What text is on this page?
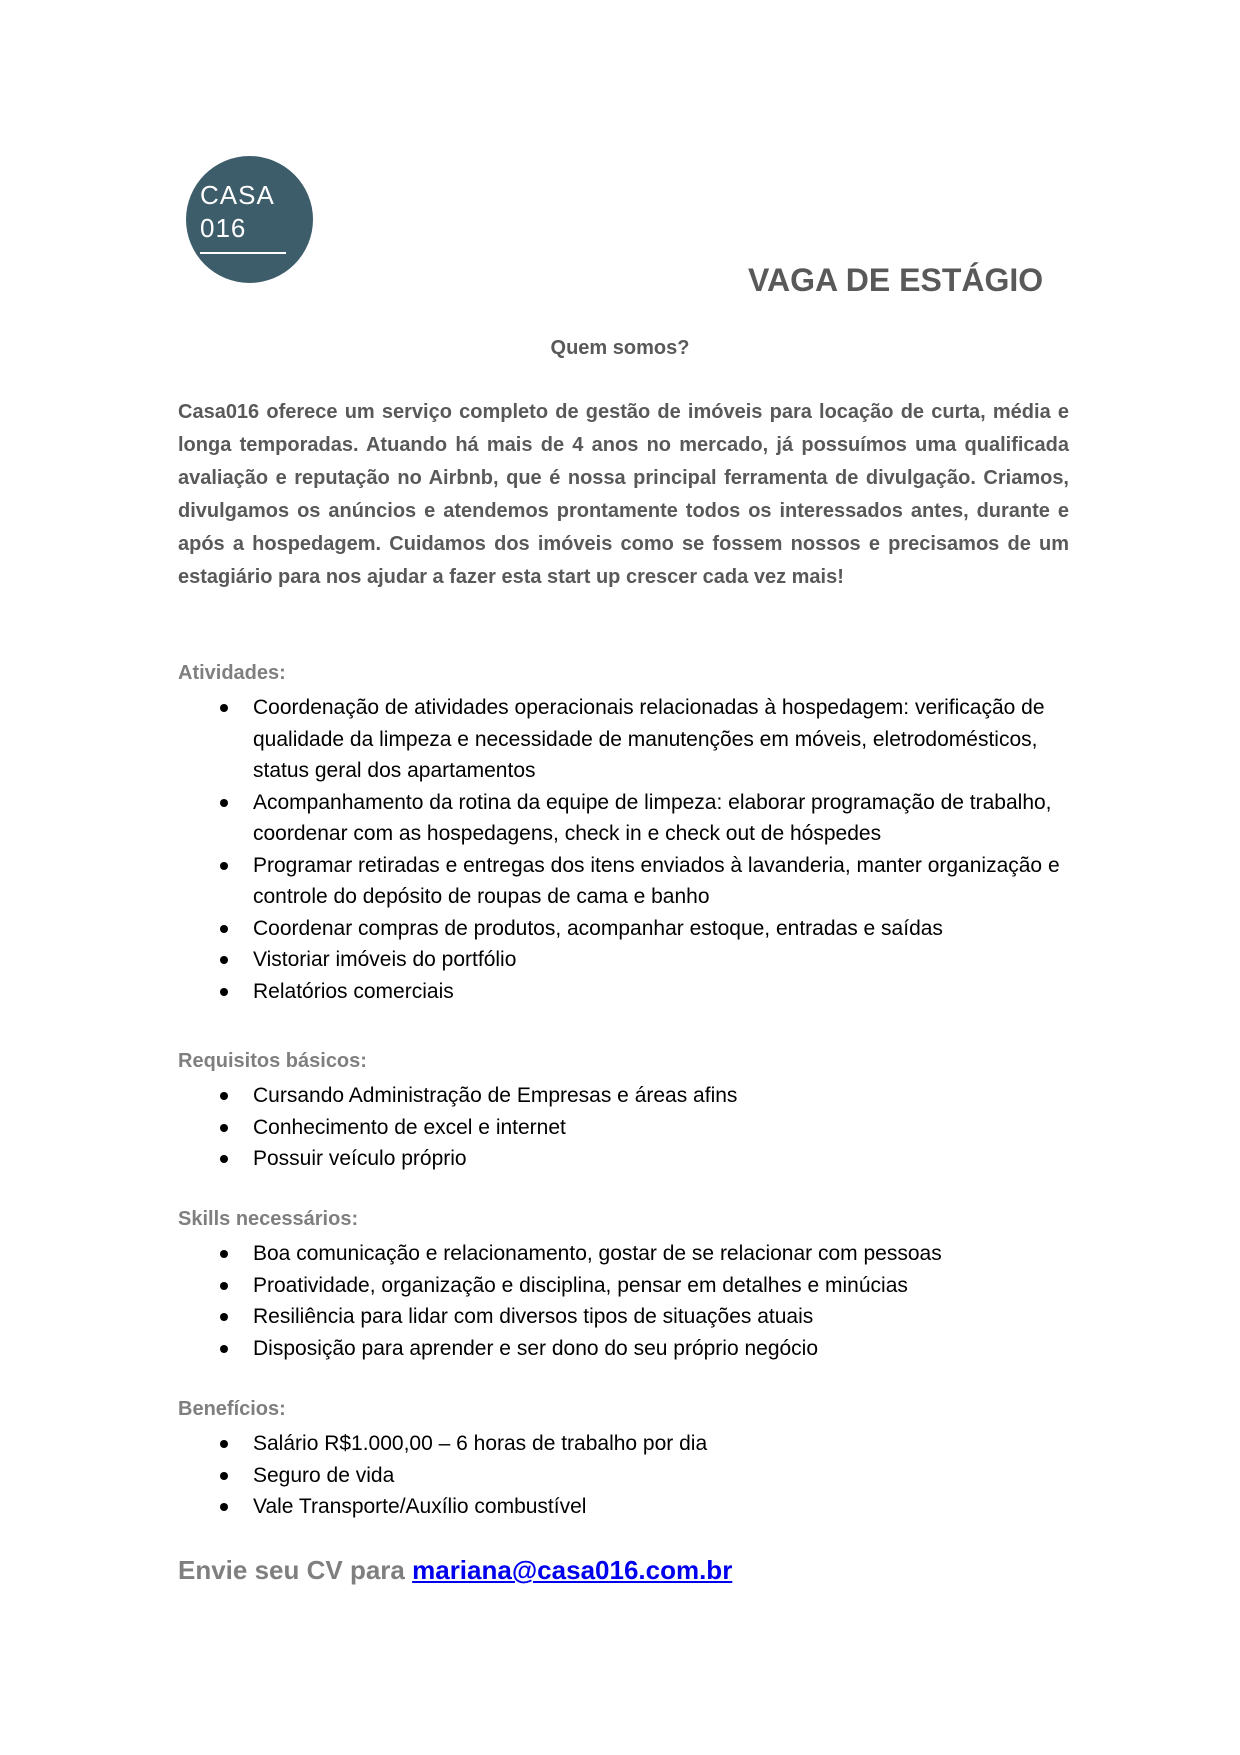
CASA
016
VAGA DE ESTÁGIO
Quem somos?

Casa016 oferece um serviço completo de gestão de imóveis para locação de curta, média e longa temporadas. Atuando há mais de 4 anos no mercado, já possuímos uma qualificada avaliação e reputação no Airbnb, que é nossa principal ferramenta de divulgação. Criamos, divulgamos os anúncios e atendemos prontamente todos os interessados antes, durante e após a hospedagem. Cuidamos dos imóveis como se fossem nossos e precisamos de um estagiário para nos ajudar a fazer esta start up crescer cada vez mais!

Atividades:
Coordenação de atividades operacionais relacionadas à hospedagem: verificação de qualidade da limpeza e necessidade de manutenções em móveis, eletrodomésticos, status geral dos apartamentos
Acompanhamento da rotina da equipe de limpeza: elaborar programação de trabalho, coordenar com as hospedagens, check in e check out de hóspedes
Programar retiradas e entregas dos itens enviados à lavanderia, manter organização e controle do depósito de roupas de cama e banho
Coordenar compras de produtos, acompanhar estoque, entradas e saídas
Vistoriar imóveis do portfólio
Relatórios comerciais
Requisitos básicos:
Cursando Administração de Empresas e áreas afins
Conhecimento de excel e internet
Possuir veículo próprio
Skills necessários:
Boa comunicação e relacionamento, gostar de se relacionar com pessoas
Proatividade, organização e disciplina, pensar em detalhes e minúcias
Resiliência para lidar com diversos tipos de situações atuais
Disposição para aprender e ser dono do seu próprio negócio
Benefícios:
Salário R$1.000,00 – 6 horas de trabalho por dia
Seguro de vida
Vale Transporte/Auxílio combustível
Envie seu CV para mariana@casa016.com.br
